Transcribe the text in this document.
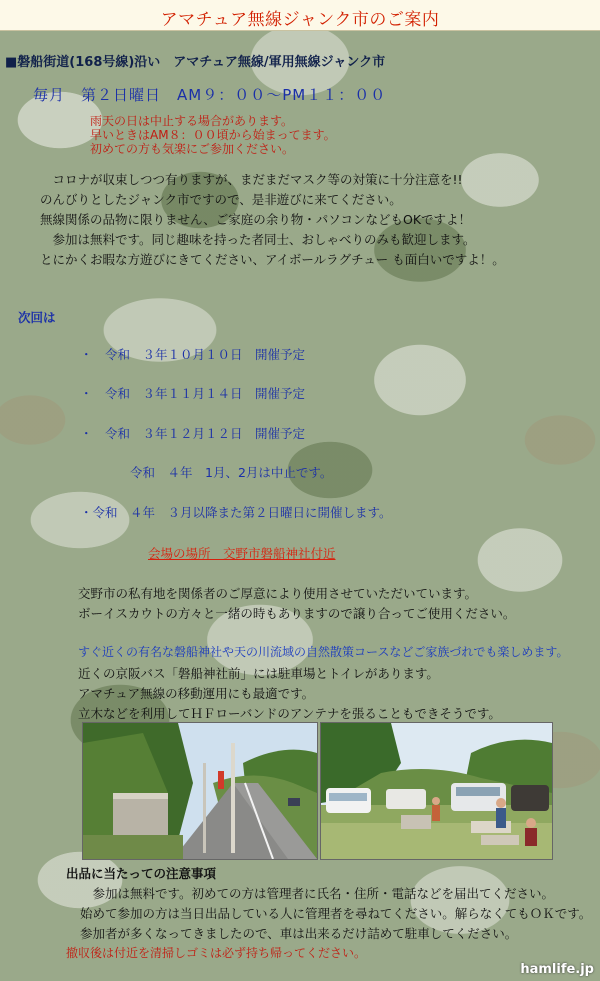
アマチュア無線ジャンク市のご案内
■磐船街道(168号線)沿い　アマチュア無線/軍用無線ジャンク市
毎月　第２日曜日　AM９：００～PM１１：００
雨天の日は中止する場合があります。
早いときはAM８：００頃から始まってます。
初めての方も気楽にご参加ください。
　コロナが収束しつつ有りますが、まだまだマスク等の対策に十分注意を!!
のんびりとしたジャンク市ですので、是非遊びに来てください。
無線関係の品物に限りません、ご家庭の余り物・パソコンなどもOKですよ！
　参加は無料です。同じ趣味を持った者同士、おしゃべりのみも歓迎します。
とにかくお暇な方遊びにきてください、アイボールラグチュー も面白いですよ！。
次回は
・　令和　３年１０月１０日　開催予定
・　令和　３年１１月１４日　開催予定
・　令和　３年１２月１２日　開催予定
令和　４年　1月、2月は中止です。
・令和　４年　３月以降また第２日曜日に開催します。
会場の場所　交野市磐船神社付近
交野市の私有地を関係者のご厚意により使用させていただいています。
ボーイスカウトの方々と一緒の時もありますので譲り合ってご使用ください。
すぐ近くの有名な磐船神社や天の川流域の自然散策コースなどご家族づれでも楽しめます。
近くの京阪バス「磐船神社前」には駐車場とトイレがあります。
アマチュア無線の移動運用にも最適です。
立木などを利用してＨＦローバンドのアンテナを張ることもできそうです。
出品に当たっての注意事項
　参加は無料です。初めての方は管理者に氏名・住所・電話などを届出てください。
始めて参加の方は当日出品している人に管理者を尋ねてください。解らなくてもＯＫです。
参加者が多くなってきましたので、車は出来るだけ詰めて駐車してください。
撤収後は付近を清掃しゴミは必ず持ち帰ってください。
hamlife.jp
